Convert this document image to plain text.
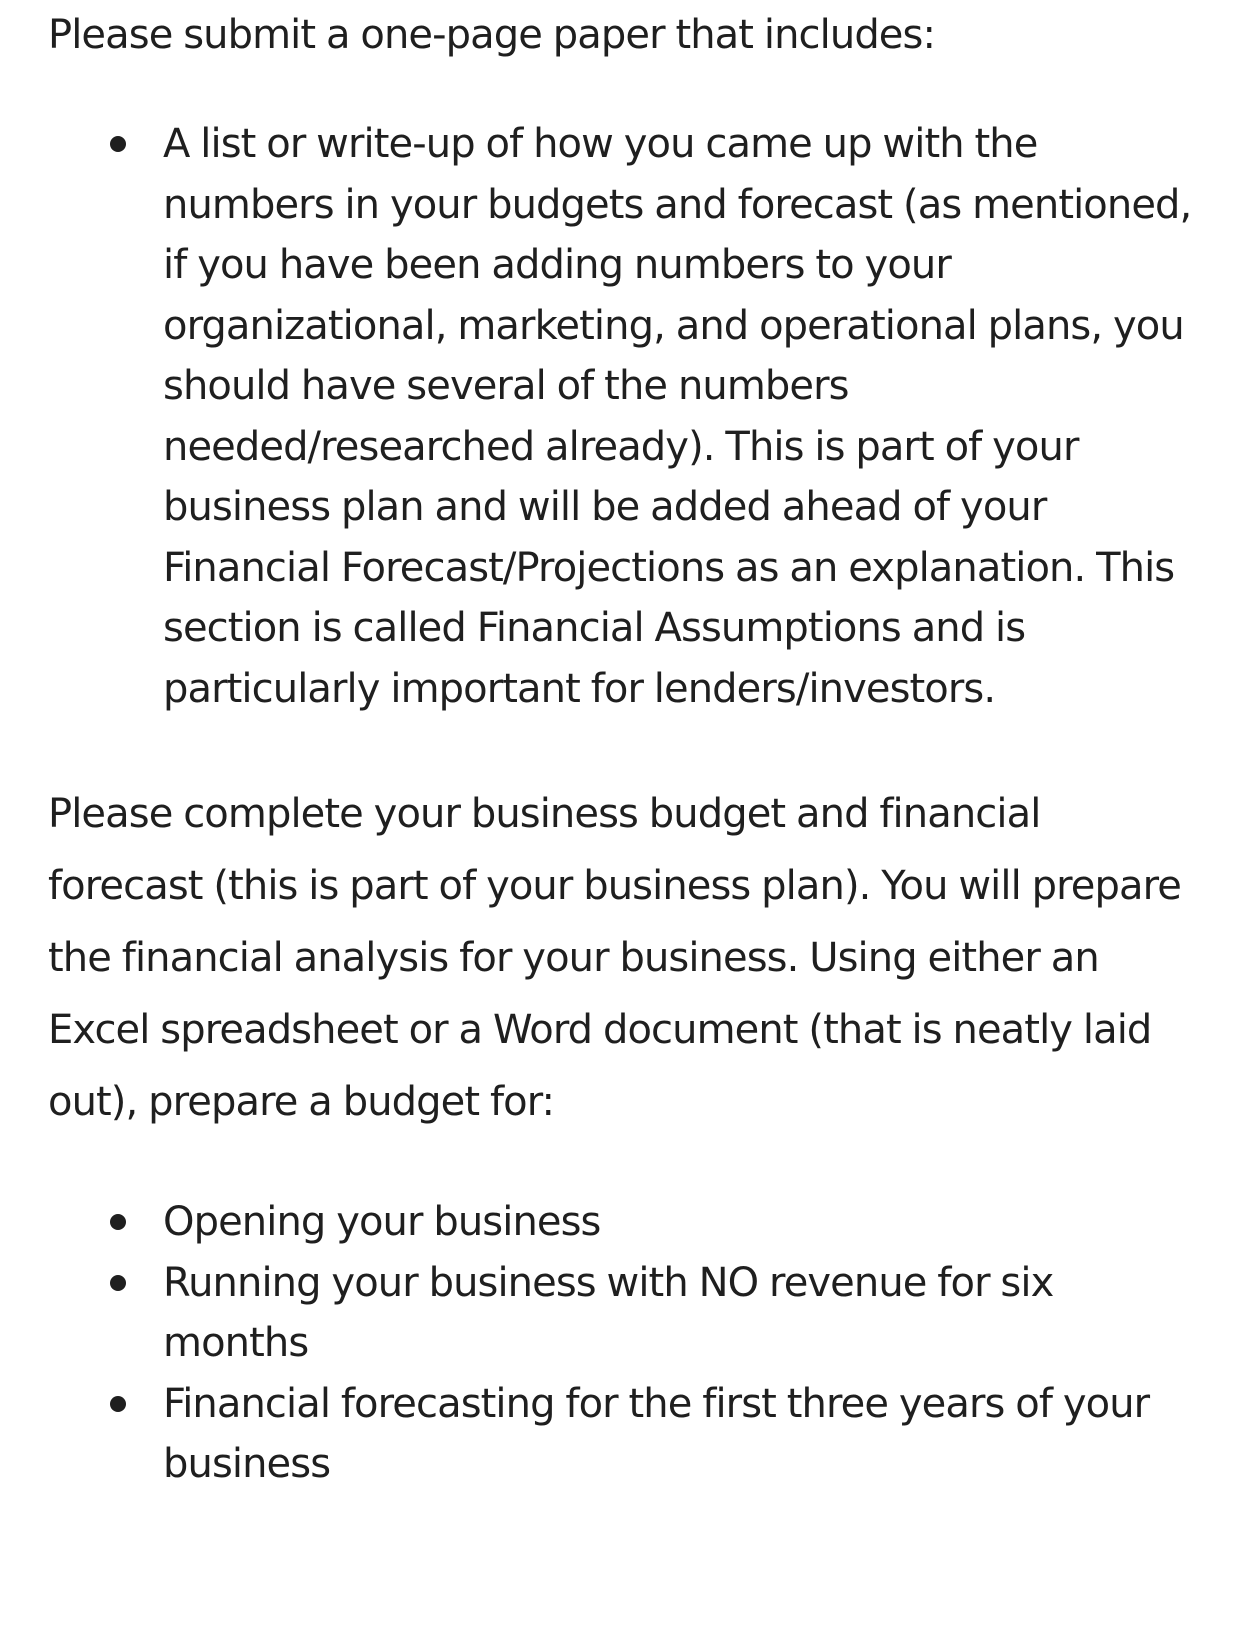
Please submit a one-page paper that includes:

A list or write-up of how you came up with the numbers in your budgets and forecast (as mentioned, if you have been adding numbers to your organizational, marketing, and operational plans, you should have several of the numbers needed/researched already). This is part of your business plan and will be added ahead of your Financial Forecast/Projections as an explanation. This section is called Financial Assumptions and is particularly important for lenders/investors.

Please complete your business budget and financial forecast (this is part of your business plan). You will prepare the financial analysis for your business. Using either an Excel spreadsheet or a Word document (that is neatly laid out), prepare a budget for:

Opening your business
Running your business with NO revenue for six months
Financial forecasting for the first three years of your business
